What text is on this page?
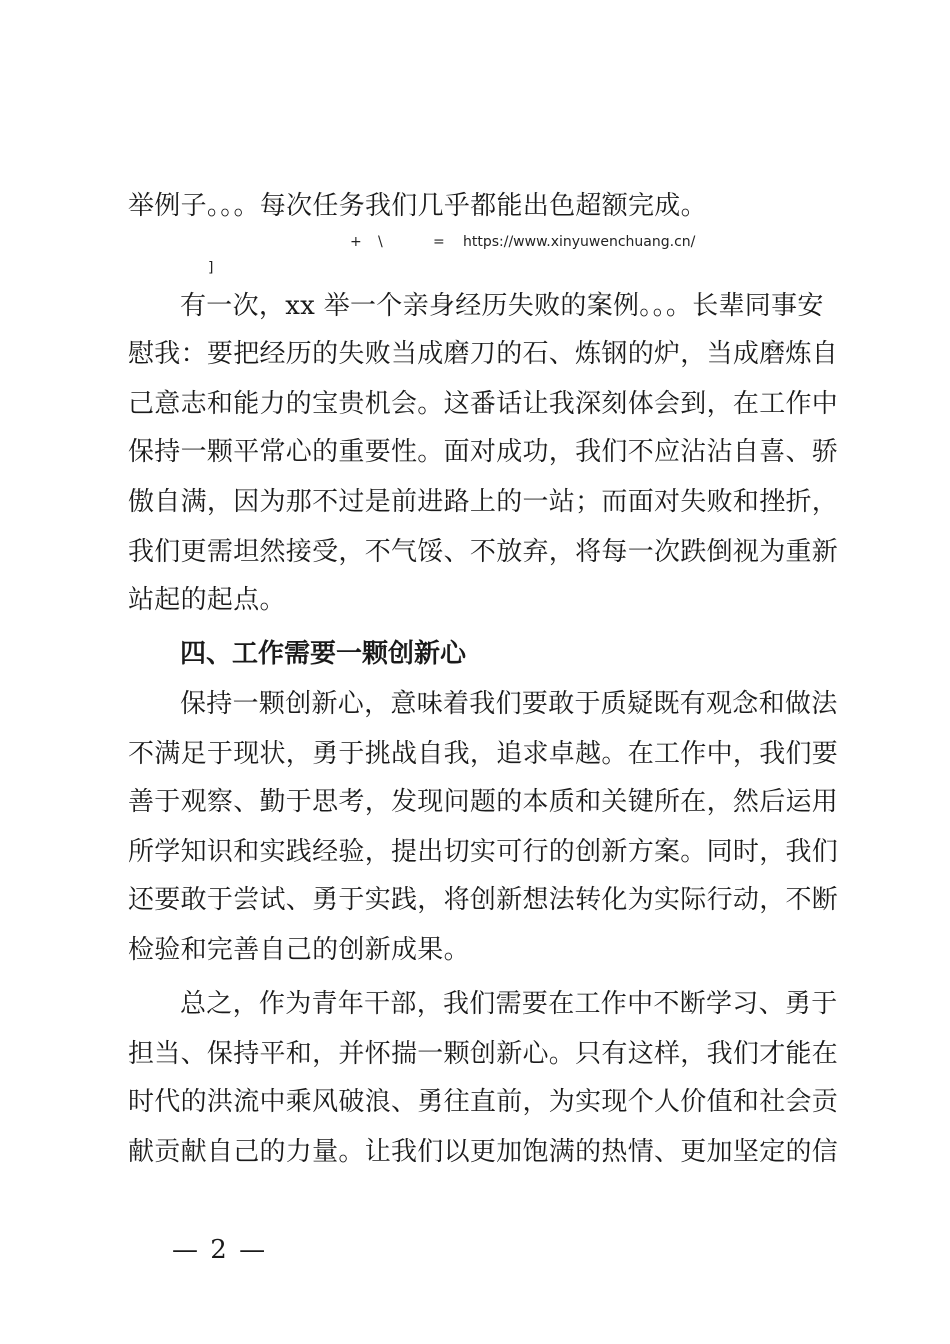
举例子。。。每次任务我们几乎都能出色超额完成。
+ \	= https://www.xinyuwenchuang.cn/
]
有一次，xx 举一个亲身经历失败的案例。。。长辈同事安
慰我：要把经历的失败当成磨刀的石、炼钢的炉，当成磨炼自
己意志和能力的宝贵机会。这番话让我深刻体会到，在工作中
保持一颗平常心的重要性。面对成功，我们不应沾沾自喜、骄
傲自满，因为那不过是前进路上的一站；而面对失败和挫折，
我们更需坦然接受，不气馁、不放弃，将每一次跌倒视为重新
站起的起点。
四、工作需要一颗创新心
保持一颗创新心，意味着我们要敢于质疑既有观念和做法
不满足于现状，勇于挑战自我，追求卓越。在工作中，我们要
善于观察、勤于思考，发现问题的本质和关键所在，然后运用
所学知识和实践经验，提出切实可行的创新方案。同时，我们
还要敢于尝试、勇于实践，将创新想法转化为实际行动，不断
检验和完善自己的创新成果。
总之，作为青年干部，我们需要在工作中不断学习、勇于
担当、保持平和，并怀揣一颗创新心。只有这样，我们才能在
时代的洪流中乘风破浪、勇往直前，为实现个人价值和社会贡
献贡献自己的力量。让我们以更加饱满的热情、更加坚定的信
— 2 —
